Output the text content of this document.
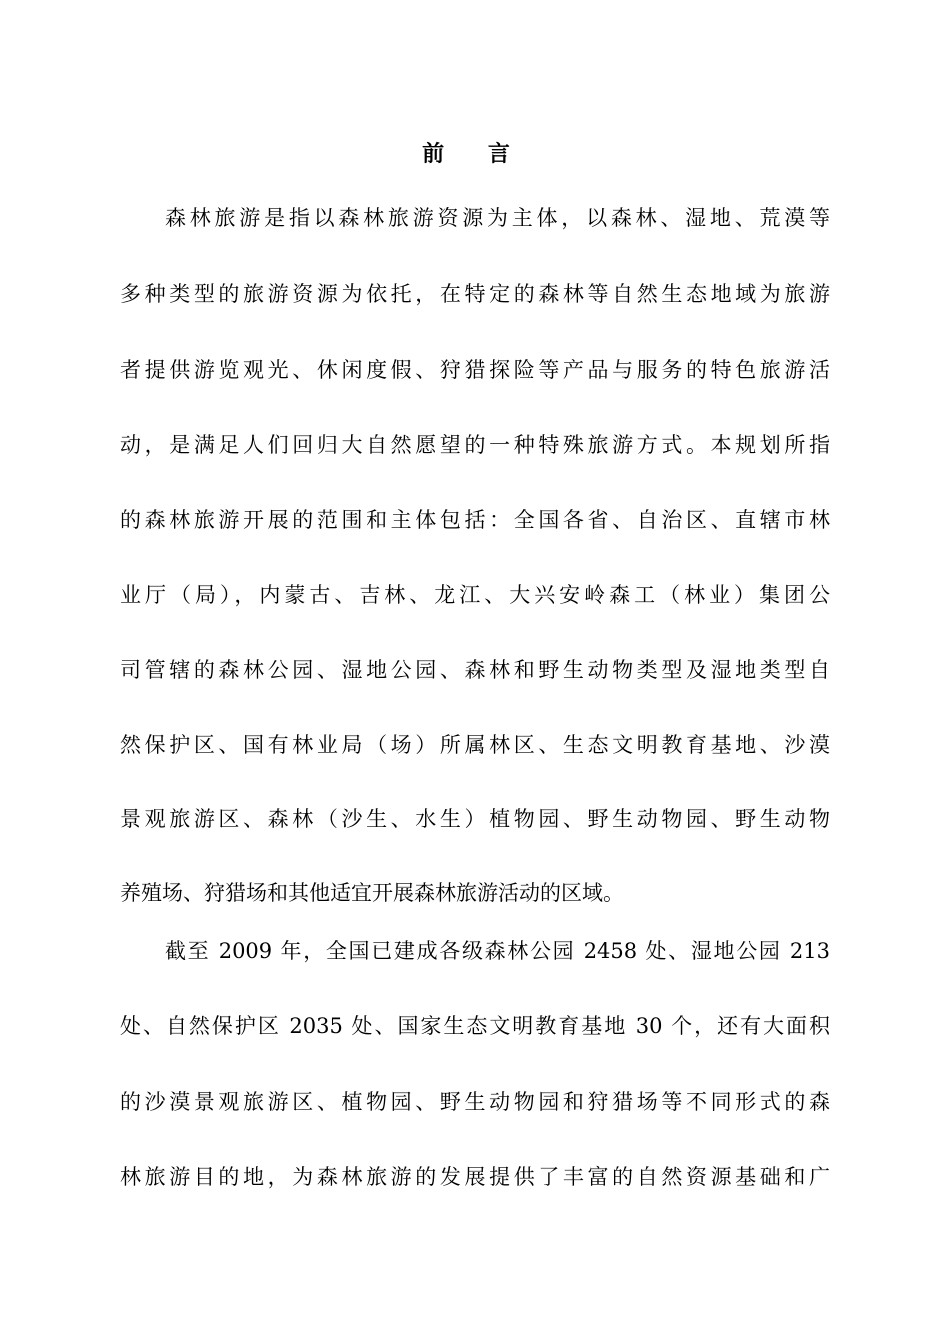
前 言
森林旅游是指以森林旅游资源为主体，以森林、湿地、荒漠等
多种类型的旅游资源为依托，在特定的森林等自然生态地域为旅游
者提供游览观光、休闲度假、狩猎探险等产品与服务的特色旅游活
动，是满足人们回归大自然愿望的一种特殊旅游方式。本规划所指
的森林旅游开展的范围和主体包括：全国各省、自治区、直辖市林
业厅（局），内蒙古、吉林、龙江、大兴安岭森工（林业）集团公
司管辖的森林公园、湿地公园、森林和野生动物类型及湿地类型自
然保护区、国有林业局（场）所属林区、生态文明教育基地、沙漠
景观旅游区、森林（沙生、水生）植物园、野生动物园、野生动物
养殖场、狩猎场和其他适宜开展森林旅游活动的区域。
截至 2009 年，全国已建成各级森林公园 2458 处、湿地公园 213
处、自然保护区 2035 处、国家生态文明教育基地 30 个，还有大面积
的沙漠景观旅游区、植物园、野生动物园和狩猎场等不同形式的森
林旅游目的地，为森林旅游的发展提供了丰富的自然资源基础和广
